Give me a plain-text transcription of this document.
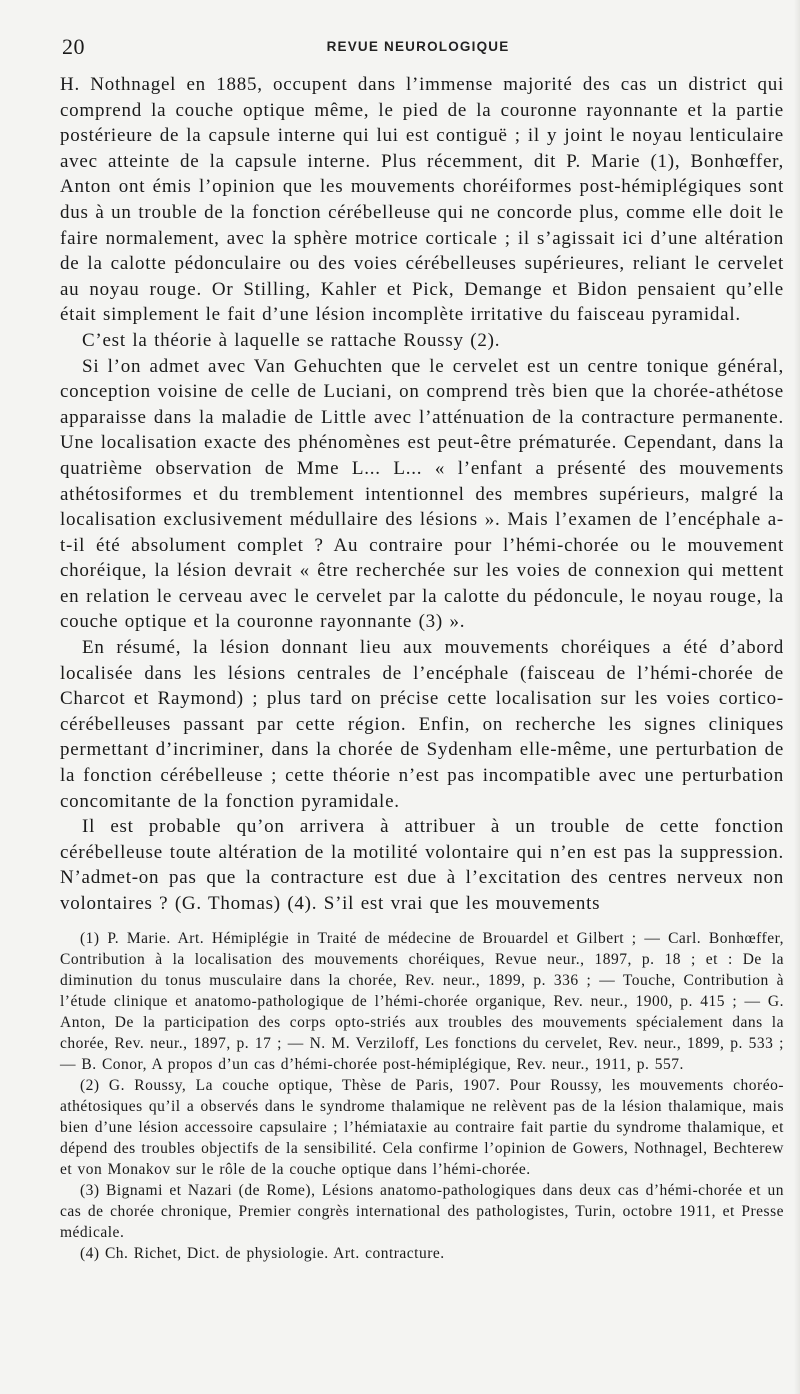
20	REVUE NEUROLOGIQUE

H. Nothnagel en 1885, occupent dans l’immense majorité des cas un district qui comprend la couche optique même, le pied de la couronne rayonnante et la partie postérieure de la capsule interne qui lui est contiguë ; il y joint le noyau lenticulaire avec atteinte de la capsule interne. Plus récemment, dit P. Marie (1), Bonhœffer, Anton ont émis l’opinion que les mouvements choréiformes post-hémiplégiques sont dus à un trouble de la fonction cérébelleuse qui ne concorde plus, comme elle doit le faire normalement, avec la sphère motrice corticale ; il s’agissait ici d’une altération de la calotte pédonculaire ou des voies cérébelleuses supérieures, reliant le cervelet au noyau rouge. Or Stilling, Kahler et Pick, Demange et Bidon pensaient qu’elle était simplement le fait d’une lésion incomplète irritative du faisceau pyramidal.

C’est la théorie à laquelle se rattache Roussy (2).

Si l’on admet avec Van Gehuchten que le cervelet est un centre tonique général, conception voisine de celle de Luciani, on comprend très bien que la chorée-athétose apparaisse dans la maladie de Little avec l’atténuation de la contracture permanente. Une localisation exacte des phénomènes est peut-être prématurée. Cependant, dans la quatrième observation de Mme L... L... « l’enfant a présenté des mouvements athétosiformes et du tremblement intentionnel des membres supérieurs, malgré la localisation exclusivement médullaire des lésions ». Mais l’examen de l’encéphale a-t-il été absolument complet ? Au contraire pour l’hémi-chorée ou le mouvement choréique, la lésion devrait « être recherchée sur les voies de connexion qui mettent en relation le cerveau avec le cervelet par la calotte du pédoncule, le noyau rouge, la couche optique et la couronne rayonnante (3) ».

En résumé, la lésion donnant lieu aux mouvements choréiques a été d’abord localisée dans les lésions centrales de l’encéphale (faisceau de l’hémi-chorée de Charcot et Raymond) ; plus tard on précise cette localisation sur les voies cortico-cérébelleuses passant par cette région. Enfin, on recherche les signes cliniques permettant d’incriminer, dans la chorée de Sydenham elle-même, une perturbation de la fonction cérébelleuse ; cette théorie n’est pas incompatible avec une perturbation concomitante de la fonction pyramidale.

Il est probable qu’on arrivera à attribuer à un trouble de cette fonction cérébelleuse toute altération de la motilité volontaire qui n’en est pas la suppression. N’admet-on pas que la contracture est due à l’excitation des centres nerveux non volontaires ? (G. Thomas) (4). S’il est vrai que les mouvements

(1) P. Marie. Art. Hémiplégie in Traité de médecine de Brouardel et Gilbert ; — Carl. Bonhœffer, Contribution à la localisation des mouvements choréiques, Revue neur., 1897, p. 18 ; et : De la diminution du tonus musculaire dans la chorée, Rev. neur., 1899, p. 336 ; — Touche, Contribution à l’étude clinique et anatomo-pathologique de l’hémi-chorée organique, Rev. neur., 1900, p. 415 ; — G. Anton, De la participation des corps opto-striés aux troubles des mouvements spécialement dans la chorée, Rev. neur., 1897, p. 17 ; — N. M. Verziloff, Les fonctions du cervelet, Rev. neur., 1899, p. 533 ; — B. Conor, A propos d’un cas d’hémi-chorée post-hémiplégique, Rev. neur., 1911, p. 557.

(2) G. Roussy, La couche optique, Thèse de Paris, 1907. Pour Roussy, les mouvements choréo-athétosiques qu’il a observés dans le syndrome thalamique ne relèvent pas de la lésion thalamique, mais bien d’une lésion accessoire capsulaire ; l’hémiataxie au contraire fait partie du syndrome thalamique, et dépend des troubles objectifs de la sensibilité. Cela confirme l’opinion de Gowers, Nothnagel, Bechterew et von Monakov sur le rôle de la couche optique dans l’hémi-chorée.

(3) Bignami et Nazari (de Rome), Lésions anatomo-pathologiques dans deux cas d’hémi-chorée et un cas de chorée chronique, Premier congrès international des pathologistes, Turin, octobre 1911, et Presse médicale.

(4) Ch. Richet, Dict. de physiologie. Art. contracture.
